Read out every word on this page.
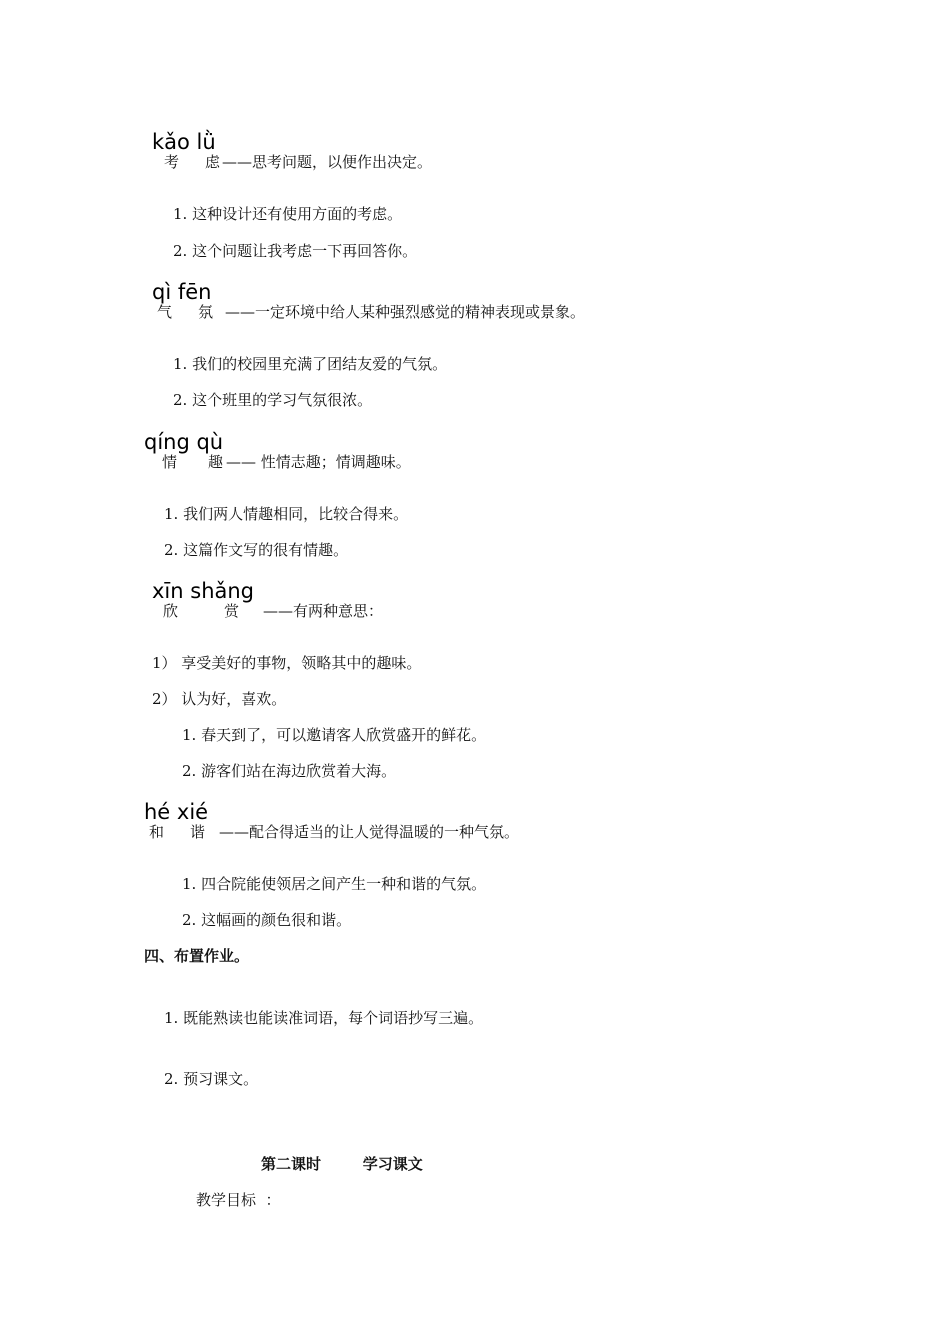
kǎo lǜ
考 虑 ——思考问题，以便作出决定。
1. 这种设计还有使用方面的考虑。
2. 这个问题让我考虑一下再回答你。
qì fēn
气 氛 ——一定环境中给人某种强烈感觉的精神表现或景象。
1. 我们的校园里充满了团结友爱的气氛。
2. 这个班里的学习气氛很浓。
qíng qù
情 趣 —— 性情志趣；情调趣味。
1. 我们两人情趣相同，比较合得来。
2. 这篇作文写的很有情趣。
xīn shǎng
欣	赏 ——有两种意思：
1） 享受美好的事物，领略其中的趣味。
2） 认为好，喜欢。
1. 春天到了，可以邀请客人欣赏盛开的鲜花。
2. 游客们站在海边欣赏着大海。
hé xié
和 谐 ——配合得适当的让人觉得温暖的一种气氛。
1. 四合院能使领居之间产生一种和谐的气氛。
2. 这幅画的颜色很和谐。
四、布置作业。
1. 既能熟读也能读准词语，每个词语抄写三遍。
2. 预习课文。
第二课时        学习课文
教学目标  ：
